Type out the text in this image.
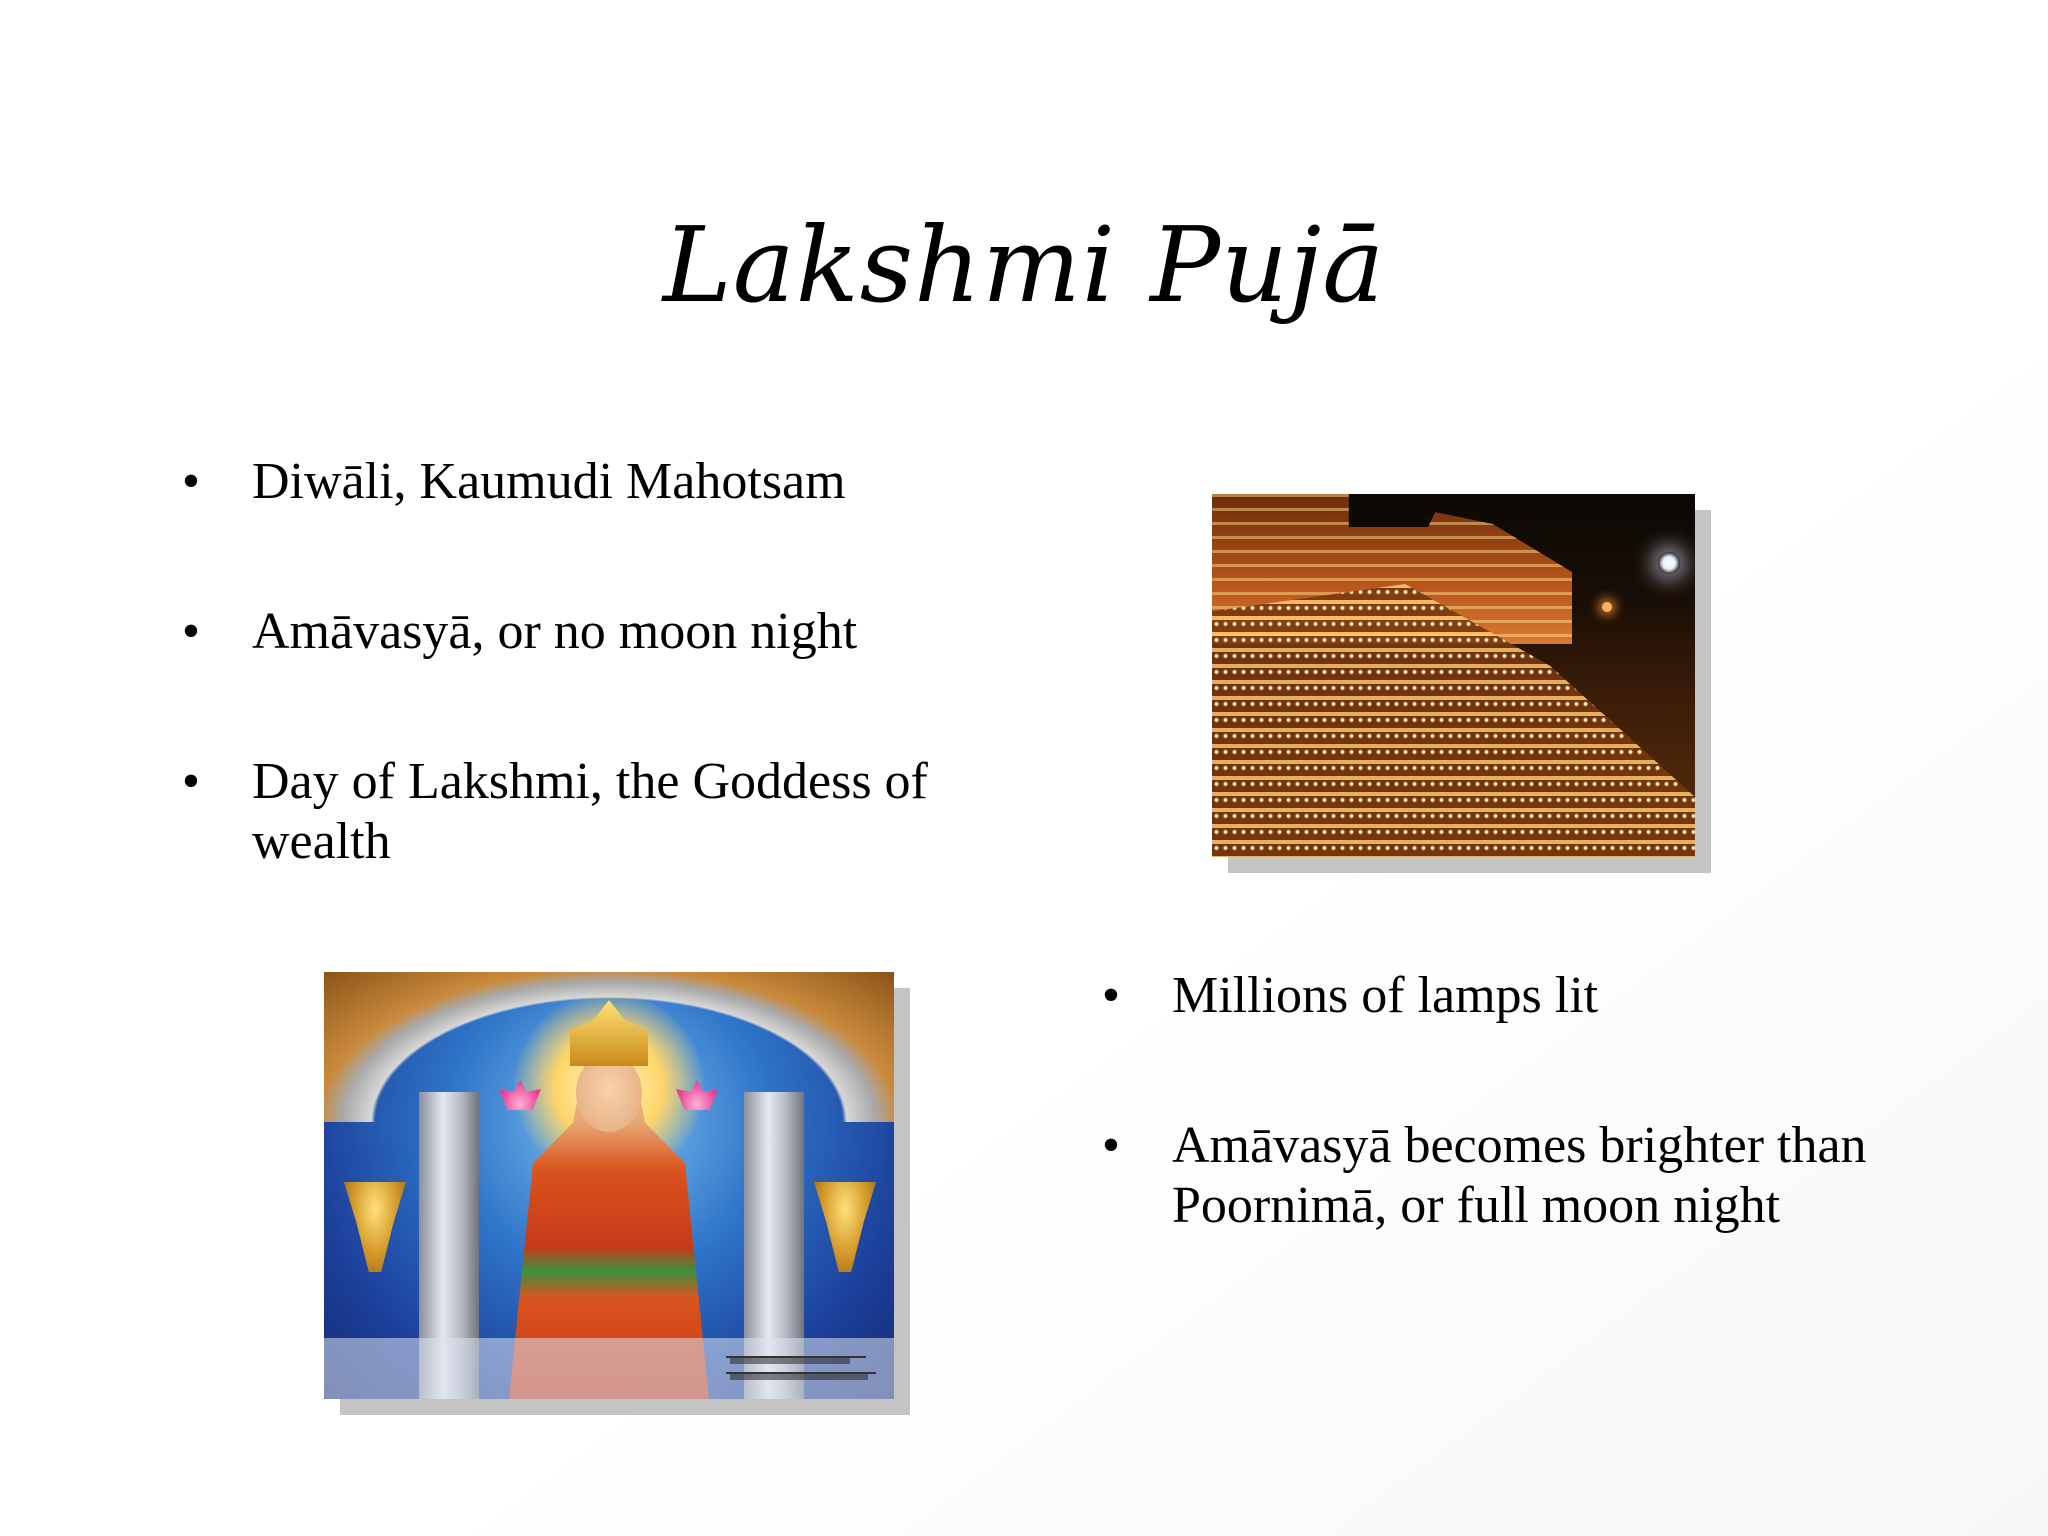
Lakshmi Pujā
• Diwāli, Kaumudi Mahotsam
• Amāvasyā, or no moon night
• Day of Lakshmi, the Goddess of wealth
• Millions of lamps lit
• Amāvasyā becomes brighter than Poornimā, or full moon night
